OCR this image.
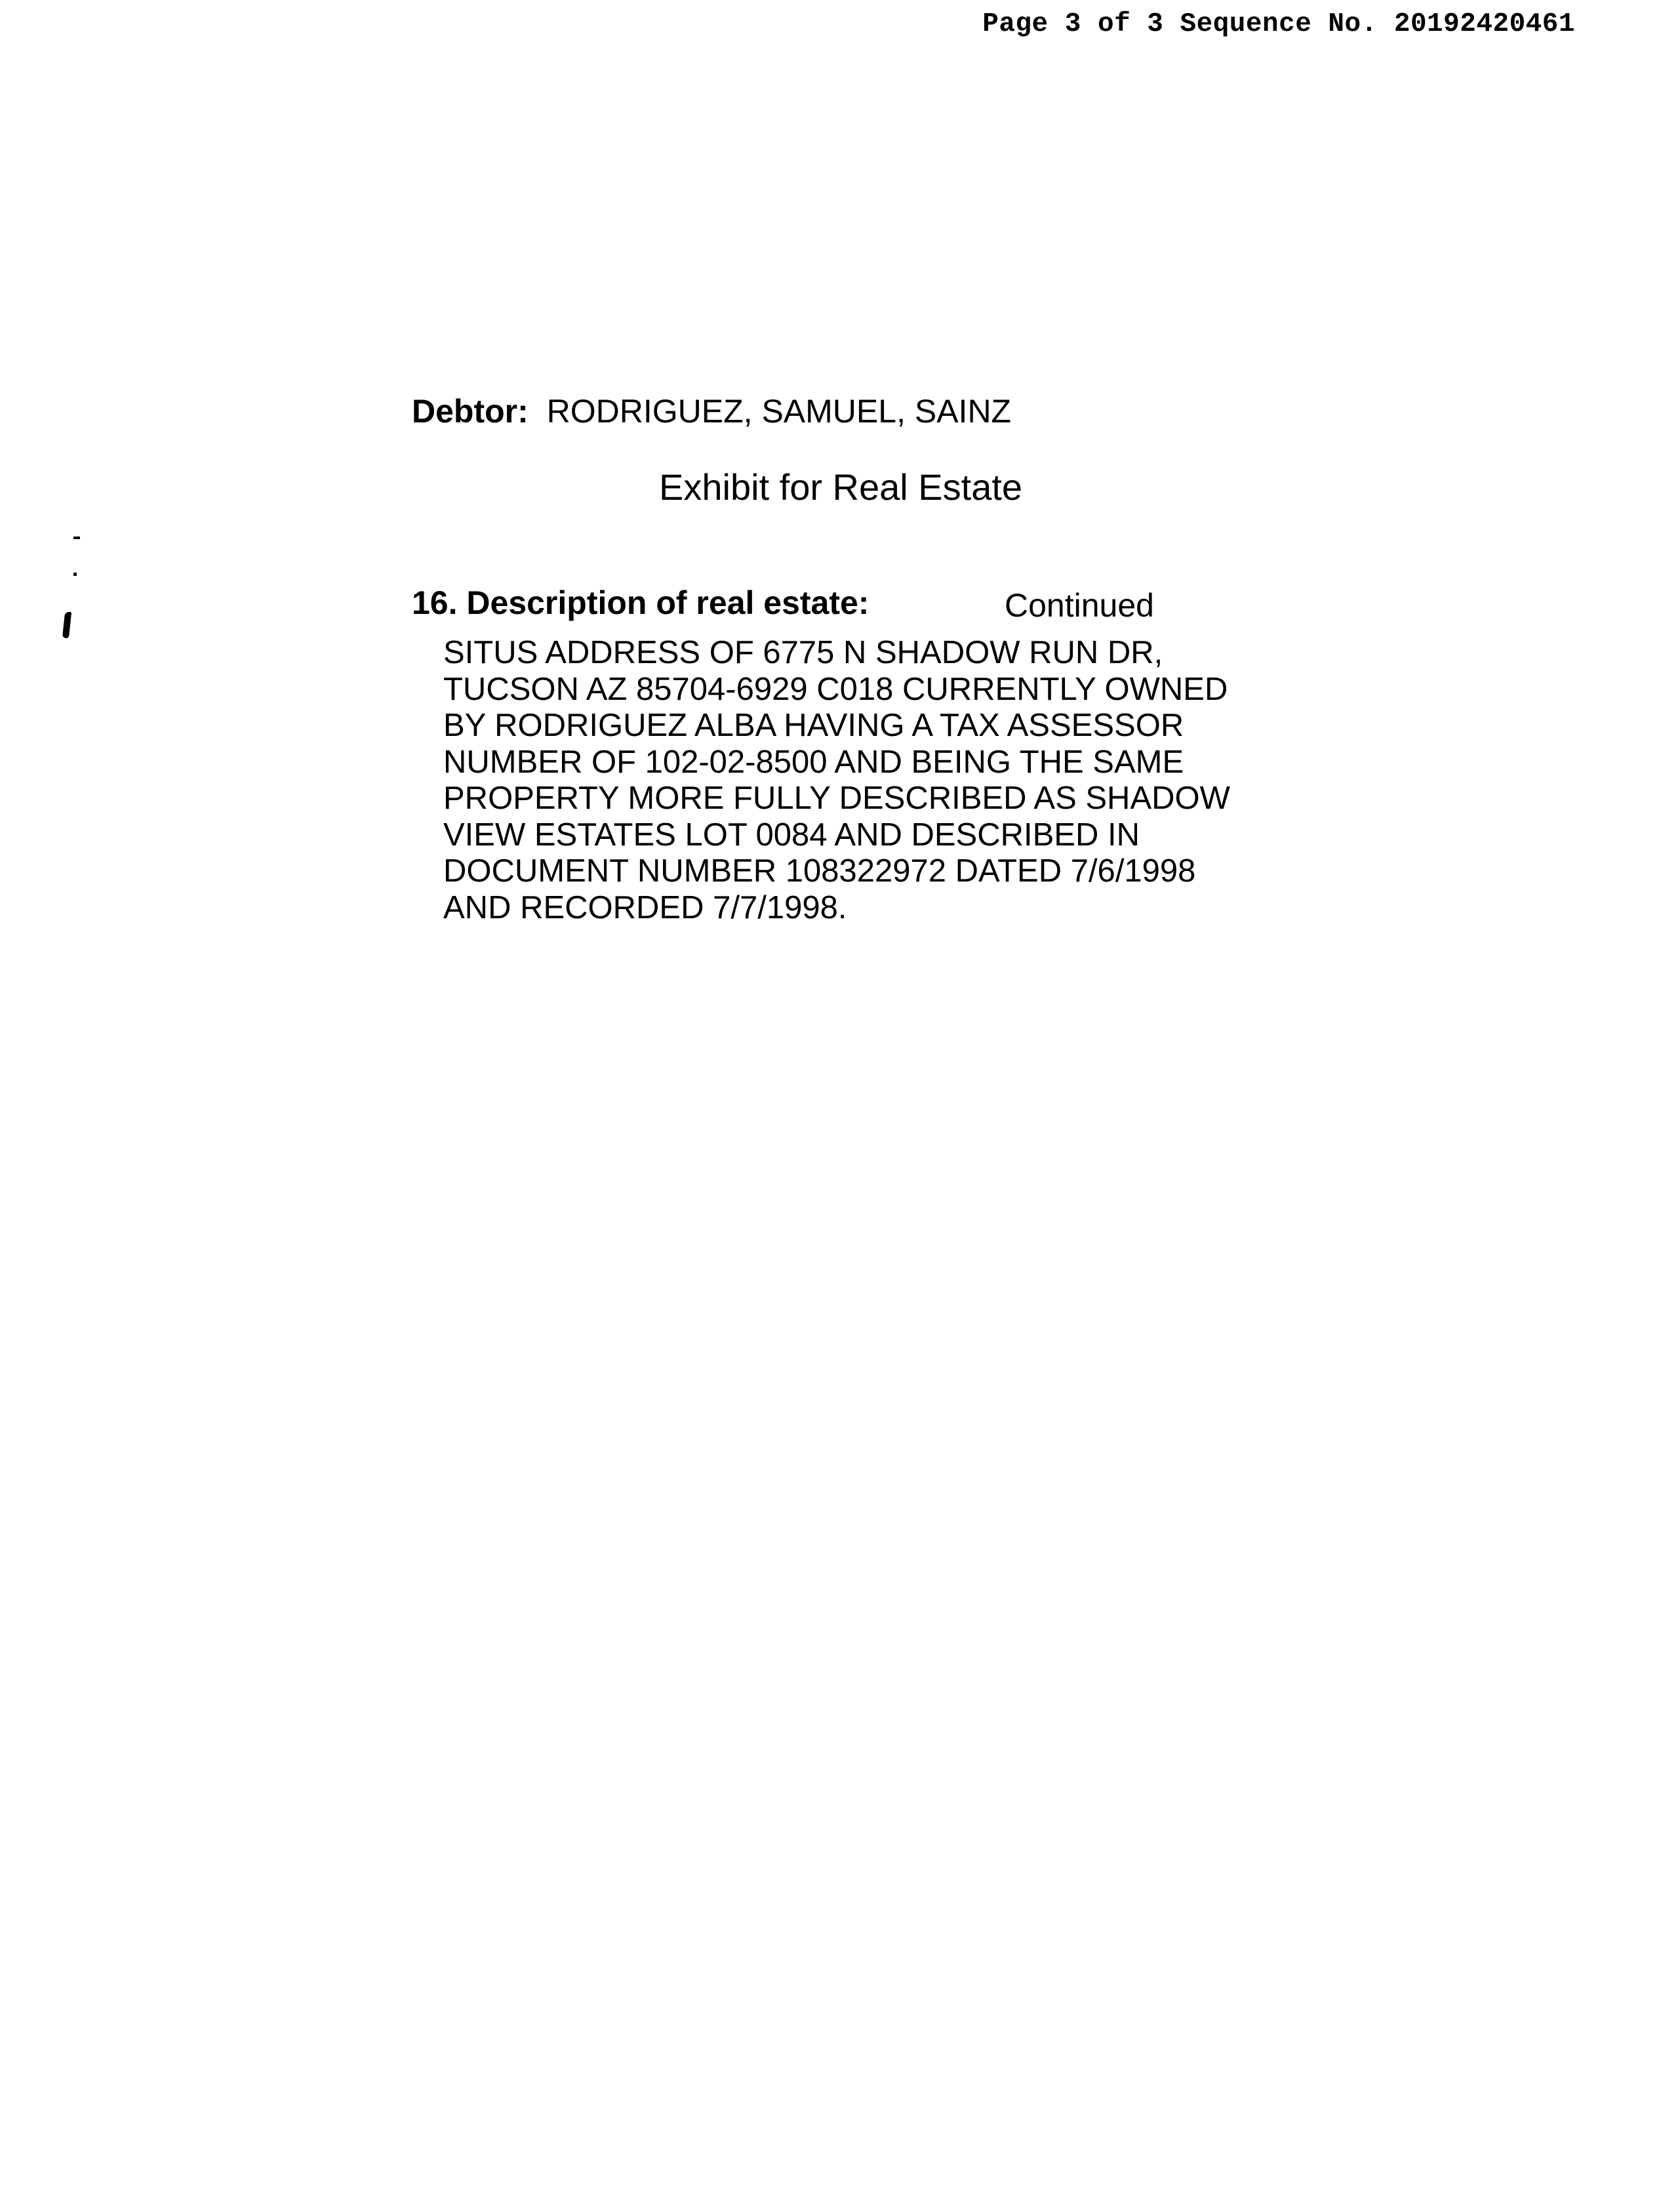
Page 3 of 3 Sequence No. 20192420461
Debtor: RODRIGUEZ, SAMUEL, SAINZ
Exhibit for Real Estate
16. Description of real estate:	Continued
SITUS ADDRESS OF 6775 N SHADOW RUN DR,
TUCSON AZ 85704-6929 C018 CURRENTLY OWNED
BY RODRIGUEZ ALBA HAVING A TAX ASSESSOR
NUMBER OF 102-02-8500 AND BEING THE SAME
PROPERTY MORE FULLY DESCRIBED AS SHADOW
VIEW ESTATES LOT 0084 AND DESCRIBED IN
DOCUMENT NUMBER 108322972 DATED 7/6/1998
AND RECORDED 7/7/1998.
